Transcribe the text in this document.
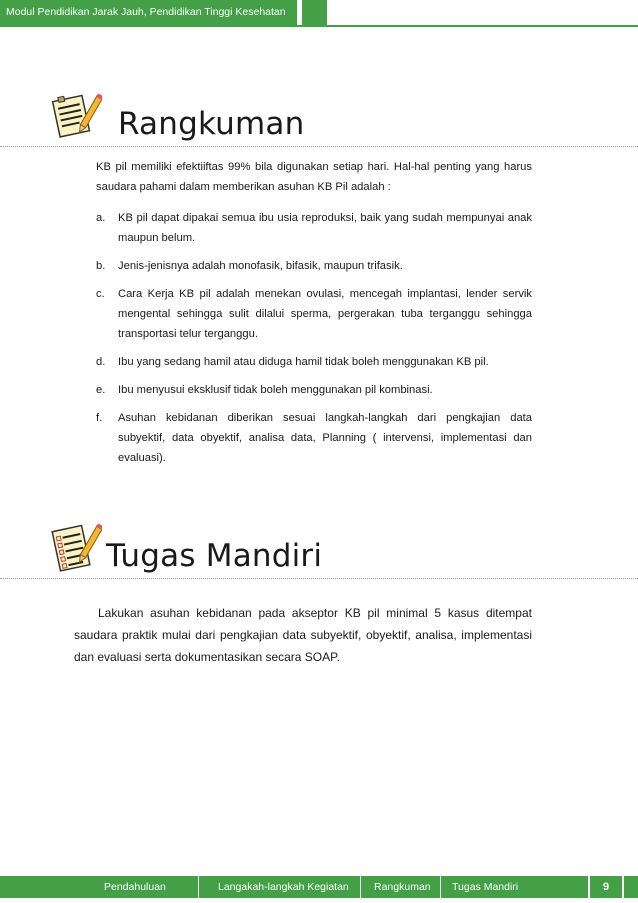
Modul Pendidikan Jarak Jauh, Pendidikan Tinggi Kesehatan
Rangkuman
KB pil memiliki efektiiftas 99% bila digunakan setiap hari. Hal-hal penting yang harus saudara pahami dalam memberikan asuhan KB Pil adalah :
a. KB pil dapat dipakai semua ibu usia reproduksi, baik yang sudah mempunyai anak maupun belum.
b. Jenis-jenisnya adalah monofasik, bifasik, maupun trifasik.
c. Cara Kerja KB pil adalah menekan ovulasi, mencegah implantasi, lender servik mengental sehingga sulit dilalui sperma, pergerakan tuba terganggu sehingga transportasi telur terganggu.
d. Ibu yang sedang hamil atau diduga hamil tidak boleh menggunakan KB pil.
e. Ibu menyusui eksklusif tidak boleh menggunakan pil kombinasi.
f. Asuhan kebidanan diberikan sesuai langkah-langkah dari pengkajian data subyektif, data obyektif, analisa data, Planning ( intervensi, implementasi dan evaluasi).
Tugas Mandiri
Lakukan asuhan kebidanan pada akseptor KB pil minimal 5 kasus ditempat saudara praktik mulai dari pengkajian data subyektif, obyektif, analisa, implementasi dan evaluasi serta dokumentasikan secara SOAP.
Pendahuluan	Langakah-langkah Kegiatan Rangkuman Tugas Mandiri	9
